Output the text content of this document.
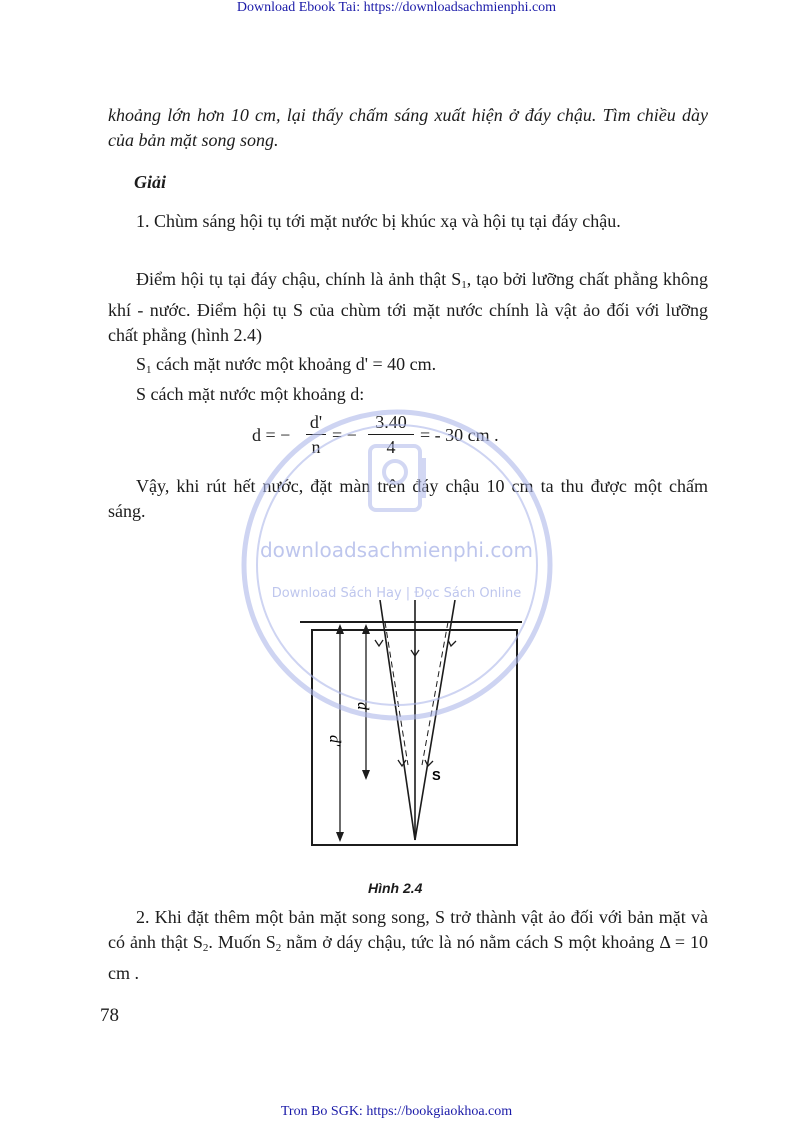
Download Ebook Tai: https://downloadsachmienphi.com

khoảng lớn hơn 10 cm, lại thấy chấm sáng xuất hiện ở đáy chậu. Tìm chiều dày của bản mặt song song.

Giải

1. Chùm sáng hội tụ tới mặt nước bị khúc xạ và hội tụ tại đáy chậu.

Điểm hội tụ tại đáy chậu, chính là ảnh thật $S_1$, tạo bởi lưỡng chất phẳng không khí - nước. Điểm hội tụ S của chùm tới mặt nước chính là vật ảo đối với lưỡng chất phẳng (hình 2.4)

$S_1$ cách mặt nước một khoảng d' = 40 cm.

S cách mặt nước một khoảng d:

d = −
d'
n
= −
3.40
4
= - 30 cm .

Vậy, khi rút hết nước, đặt màn trên đáy chậu 10 cm ta thu được một chấm sáng.

d
d'
S
Hình 2.4

2. Khi đặt thêm một bản mặt song song, S trở thành vật ảo đối với bản mặt và có ảnh thật $S_2$. Muốn $S_2$ nằm ở dáy chậu, tức là nó nằm cách S một khoảng Δ = 10 cm .

78
Tron Bo SGK: https://bookgiaokhoa.com
downloadsachmienphi.com
Download Sách Hay | Đọc Sách Online
